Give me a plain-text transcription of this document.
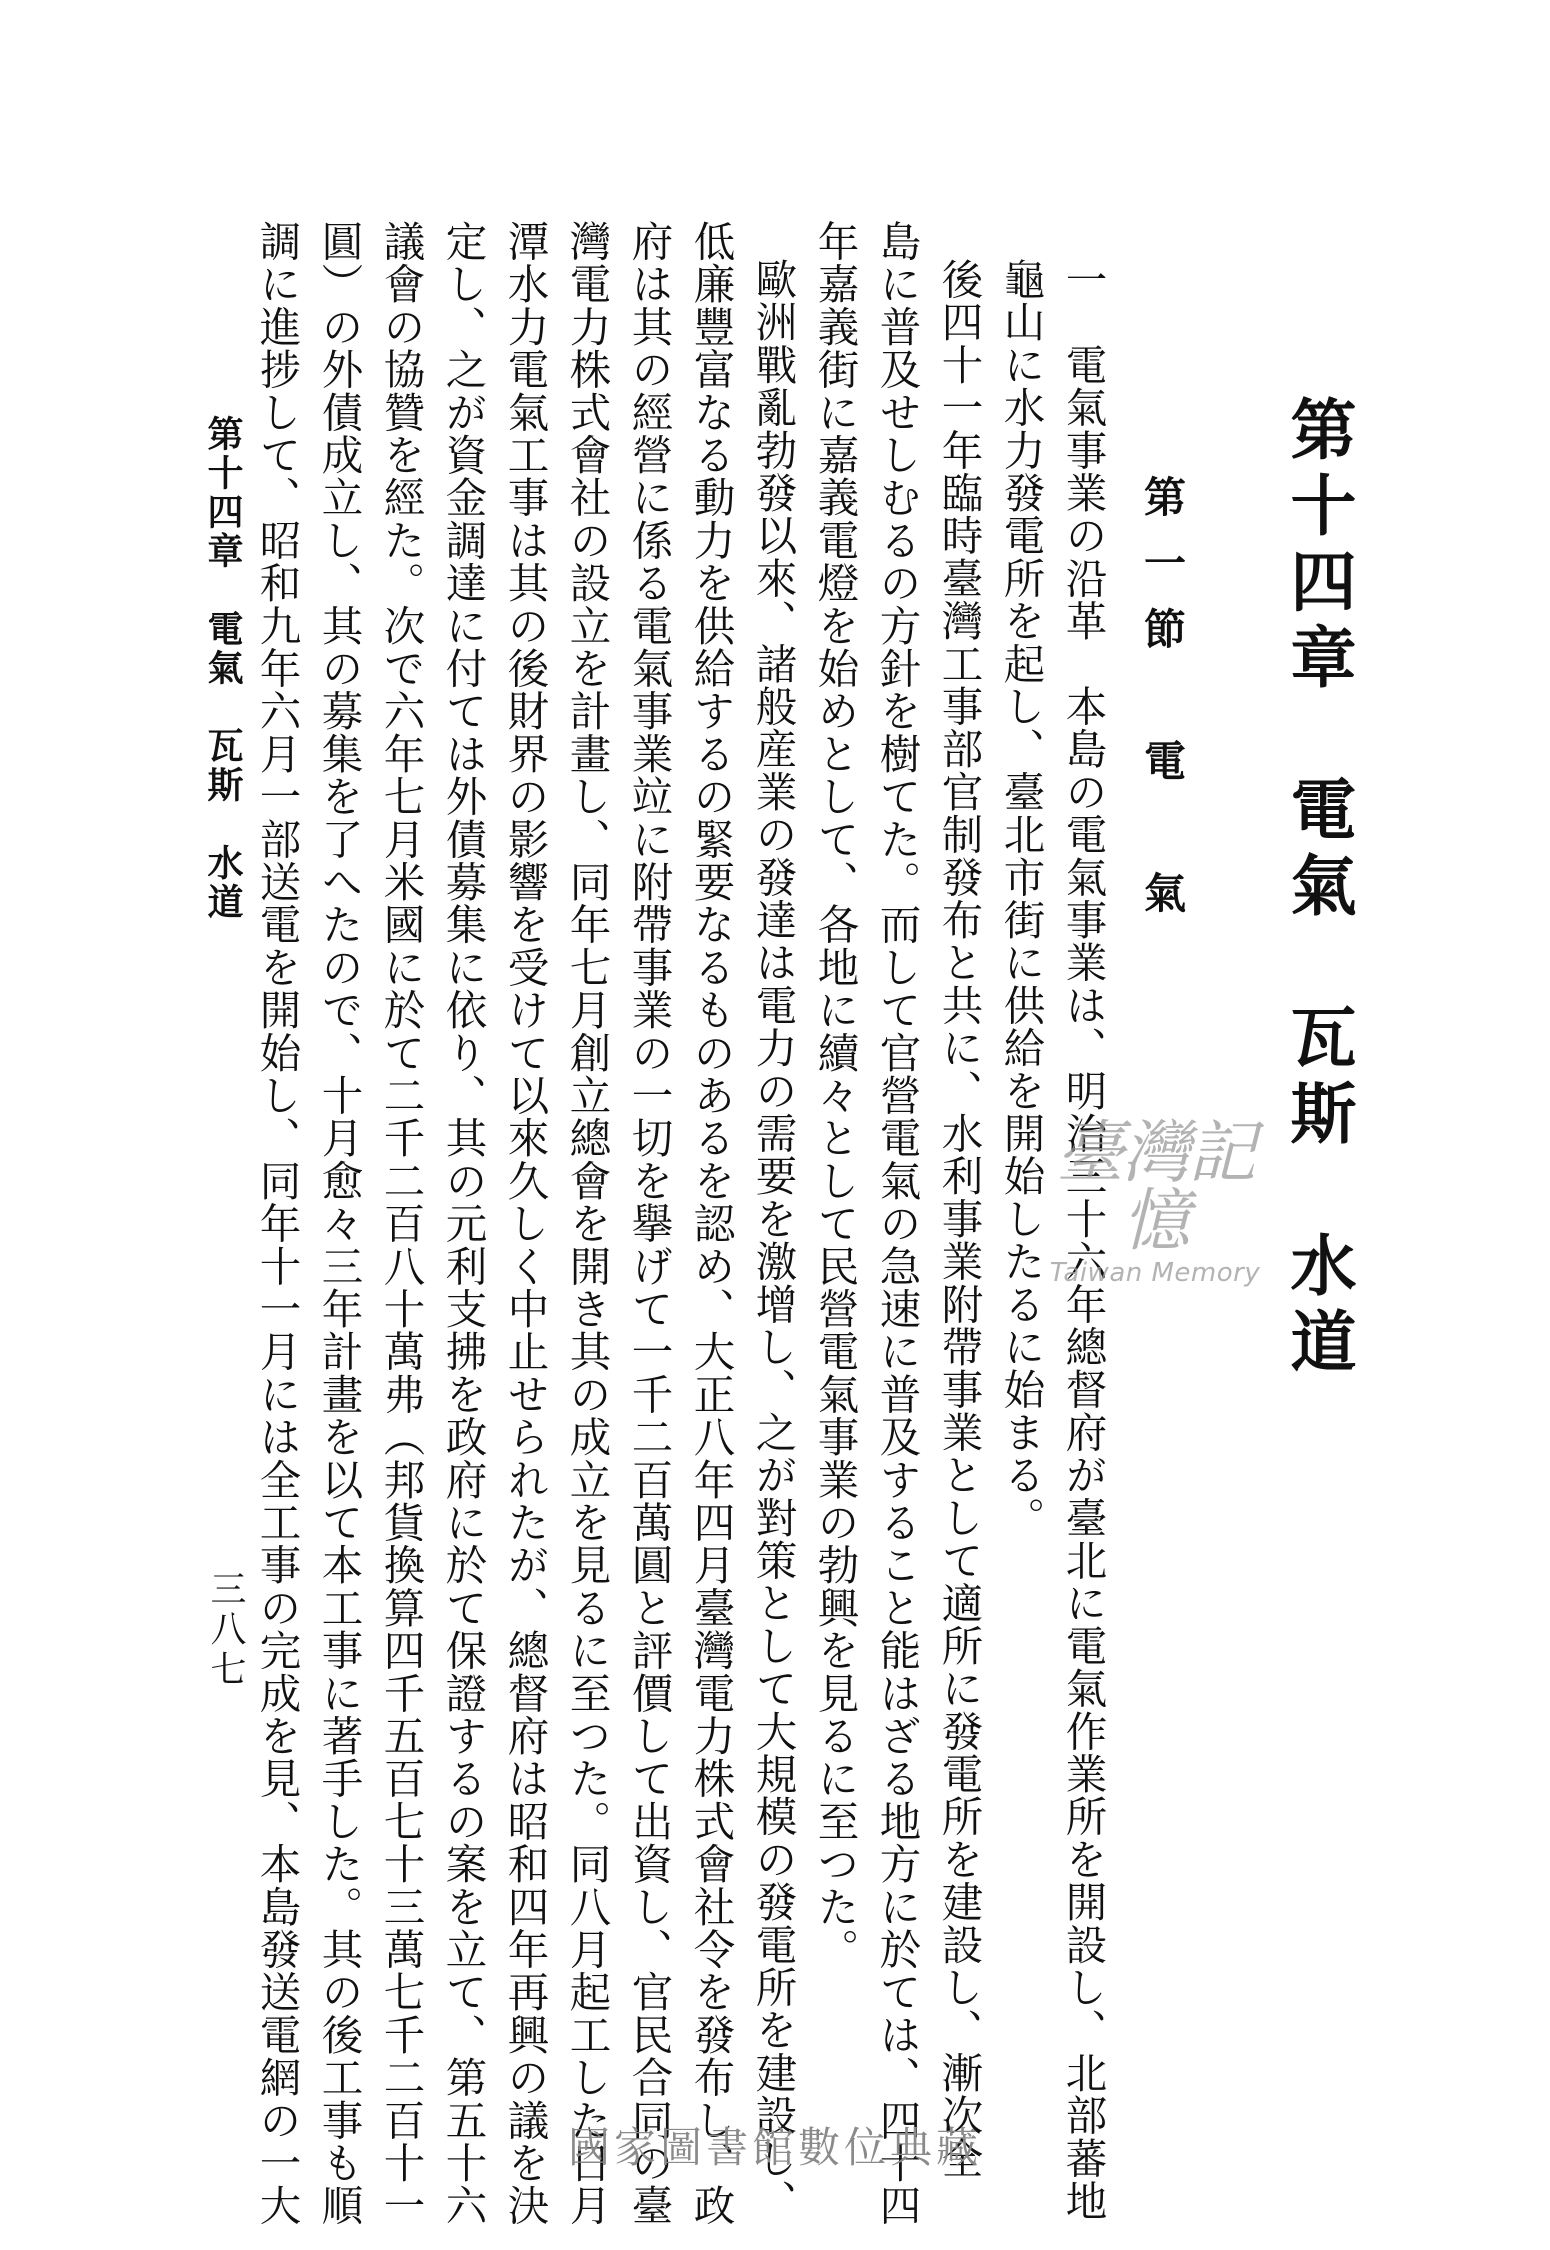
第十四章　電氣　瓦斯　水道
第一節　電　氣

一　電氣事業の沿革　本島の電氣事業は、明治三十六年總督府が臺北に電氣作業所を開設し、北部蕃地

龜山に水力發電所を起し、臺北市街に供給を開始したるに始まる。

後四十一年臨時臺灣工事部官制發布と共に、水利事業附帶事業として適所に發電所を建設し、漸次全

島に普及せしむるの方針を樹てた。而して官營電氣の急速に普及すること能はざる地方に於ては、四十四

年嘉義街に嘉義電燈を始めとして、各地に續々として民營電氣事業の勃興を見るに至つた。

歐洲戰亂勃發以來、諸般産業の發達は電力の需要を激增し、之が對策として大規模の發電所を建設し、

低廉豐富なる動力を供給するの緊要なるものあるを認め、大正八年四月臺灣電力株式會社令を發布し、政

府は其の經營に係る電氣事業竝に附帶事業の一切を擧げて一千二百萬圓と評價して出資し、官民合同の臺

灣電力株式會社の設立を計畫し、同年七月創立總會を開き其の成立を見るに至つた。同八月起工した日月

潭水力電氣工事は其の後財界の影響を受けて以來久しく中止せられたが、總督府は昭和四年再興の議を決

定し、之が資金調達に付ては外債募集に依り、其の元利支拂を政府に於て保證するの案を立て、第五十六

議會の協贊を經た。次で六年七月米國に於て二千二百八十萬弗（邦貨換算四千五百七十三萬七千二百十一

圓）の外債成立し、其の募集を了へたので、十月愈々三年計畫を以て本工事に著手した。其の後工事も順

調に進捗して、昭和九年六月一部送電を開始し、同年十一月には全工事の完成を見、本島發送電網の一大

第十四章　電氣　瓦斯　水道
三八七
臺灣記憶
Taiwan Memory
國家圖書館數位典藏
